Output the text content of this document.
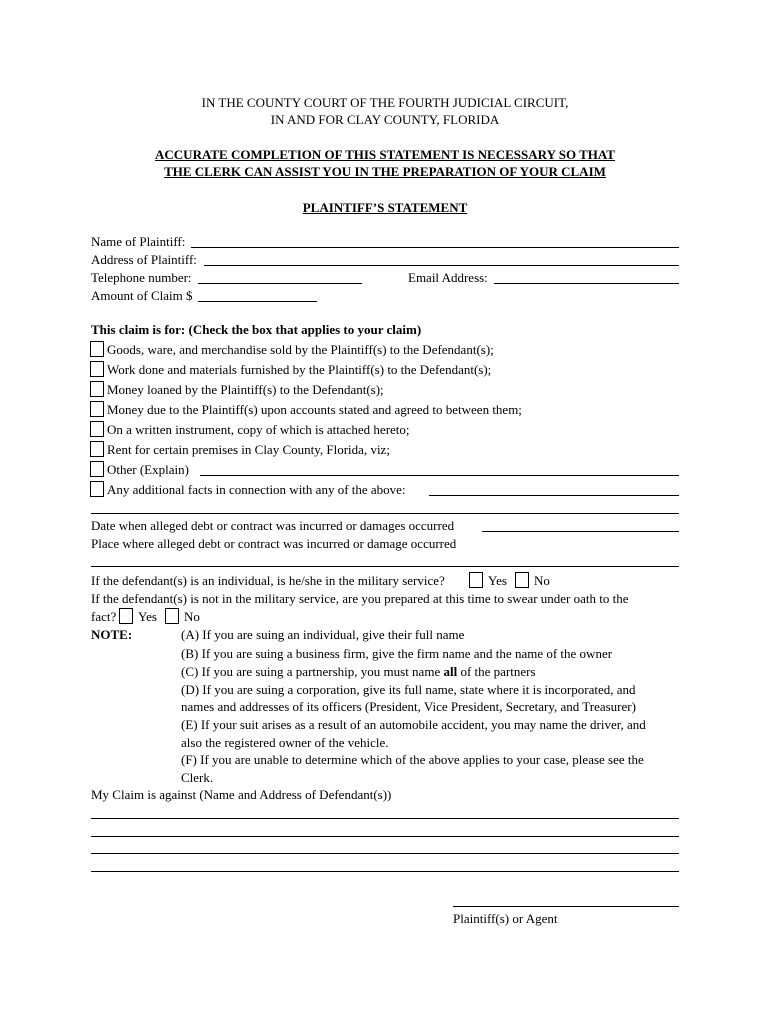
IN THE COUNTY COURT OF THE FOURTH JUDICIAL CIRCUIT,
IN AND FOR CLAY COUNTY, FLORIDA
ACCURATE COMPLETION OF THIS STATEMENT IS NECESSARY SO THAT
THE CLERK CAN ASSIST YOU IN THE PREPARATION OF YOUR CLAIM
PLAINTIFF’S STATEMENT
Name of Plaintiff:
Address of Plaintiff:
Telephone number:	Email Address:
Amount of Claim $
This claim is for: (Check the box that applies to your claim)
Goods, ware, and merchandise sold by the Plaintiff(s) to the Defendant(s);
Work done and materials furnished by the Plaintiff(s) to the Defendant(s);
Money loaned by the Plaintiff(s) to the Defendant(s);
Money due to the Plaintiff(s) upon accounts stated and agreed to between them;
On a written instrument, copy of which is attached hereto;
Rent for certain premises in Clay County, Florida, viz;
Other (Explain)
Any additional facts in connection with any of the above:
Date when alleged debt or contract was incurred or damages occurred
Place where alleged debt or contract was incurred or damage occurred
If the defendant(s) is an individual, is he/she in the military service?	Yes No
If the defendant(s) is not in the military service, are you prepared at this time to swear under oath to the
fact? Yes No
NOTE:	(A) If you are suing an individual, give their full name
(B) If you are suing a business firm, give the firm name and the name of the owner
(C) If you are suing a partnership, you must name all of the partners
(D) If you are suing a corporation, give its full name, state where it is incorporated, and
names and addresses of its officers (President, Vice President, Secretary, and Treasurer)
(E) If your suit arises as a result of an automobile accident, you may name the driver, and
also the registered owner of the vehicle.
(F) If you are unable to determine which of the above applies to your case, please see the
Clerk.
My Claim is against (Name and Address of Defendant(s))
Plaintiff(s) or Agent
